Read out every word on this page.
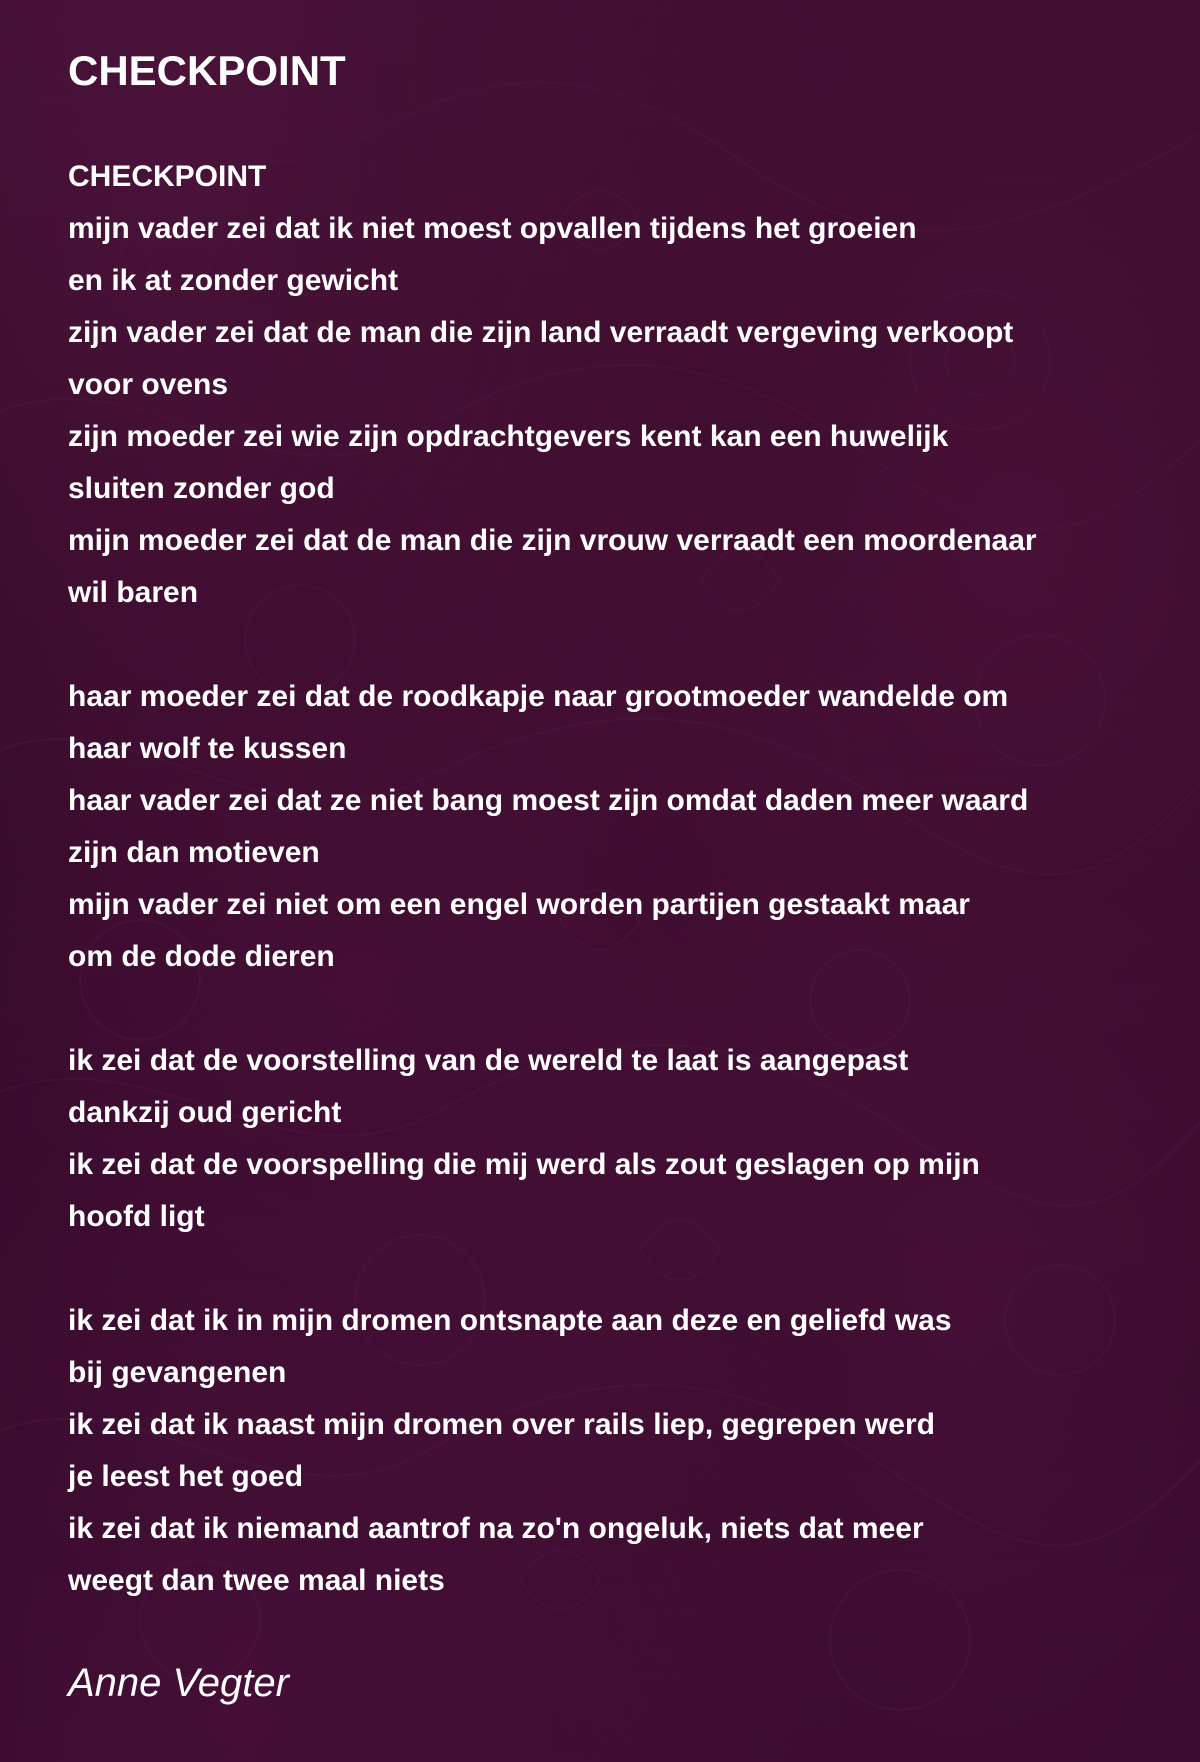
CHECKPOINT
CHECKPOINT
mijn vader zei dat ik niet moest opvallen tijdens het groeien
en ik at zonder gewicht
zijn vader zei dat de man die zijn land verraadt vergeving verkoopt
voor ovens
zijn moeder zei wie zijn opdrachtgevers kent kan een huwelijk
sluiten zonder god
mijn moeder zei dat de man die zijn vrouw verraadt een moordenaar
wil baren
haar moeder zei dat de roodkapje naar grootmoeder wandelde om
haar wolf te kussen
haar vader zei dat ze niet bang moest zijn omdat daden meer waard
zijn dan motieven
mijn vader zei niet om een engel worden partijen gestaakt maar
om de dode dieren
ik zei dat de voorstelling van de wereld te laat is aangepast
dankzij oud gericht
ik zei dat de voorspelling die mij werd als zout geslagen op mijn
hoofd ligt
ik zei dat ik in mijn dromen ontsnapte aan deze en geliefd was
bij gevangenen
ik zei dat ik naast mijn dromen over rails liep, gegrepen werd
je leest het goed
ik zei dat ik niemand aantrof na zo'n ongeluk, niets dat meer
weegt dan twee maal niets
Anne Vegter
